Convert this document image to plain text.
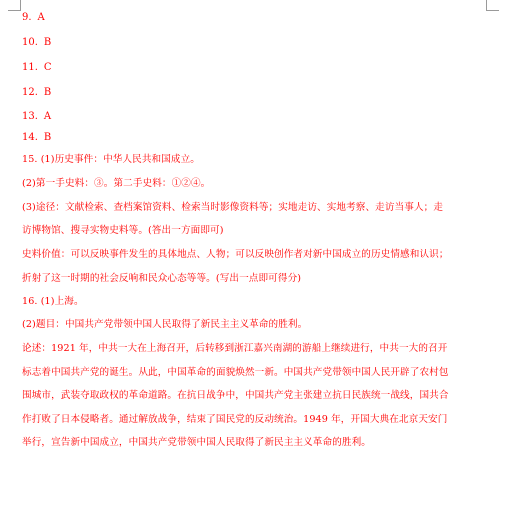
9. A
10. B
11. C
12. B
13. A
14. B
15. (1)历史事件：中华人民共和国成立。
(2)第一手史料：③。第二手史料：①②④。
(3)途径：文献检索、查档案馆资料、检索当时影像资料等；实地走访、实地考察、走访当事人；走
访博物馆、搜寻实物史料等。(答出一方面即可)
史料价值：可以反映事件发生的具体地点、人物；可以反映创作者对新中国成立的历史情感和认识；
折射了这一时期的社会反响和民众心态等等。(写出一点即可得分)
16. (1)上海。
(2)题目：中国共产党带领中国人民取得了新民主主义革命的胜利。
论述：1921 年，中共一大在上海召开，后转移到浙江嘉兴南湖的游船上继续进行，中共一大的召开
标志着中国共产党的诞生。从此，中国革命的面貌焕然一新。中国共产党带领中国人民开辟了农村包
围城市，武装夺取政权的革命道路。在抗日战争中，中国共产党主张建立抗日民族统一战线，国共合
作打败了日本侵略者。通过解放战争，结束了国民党的反动统治。1949 年，开国大典在北京天安门
举行，宣告新中国成立，中国共产党带领中国人民取得了新民主主义革命的胜利。
